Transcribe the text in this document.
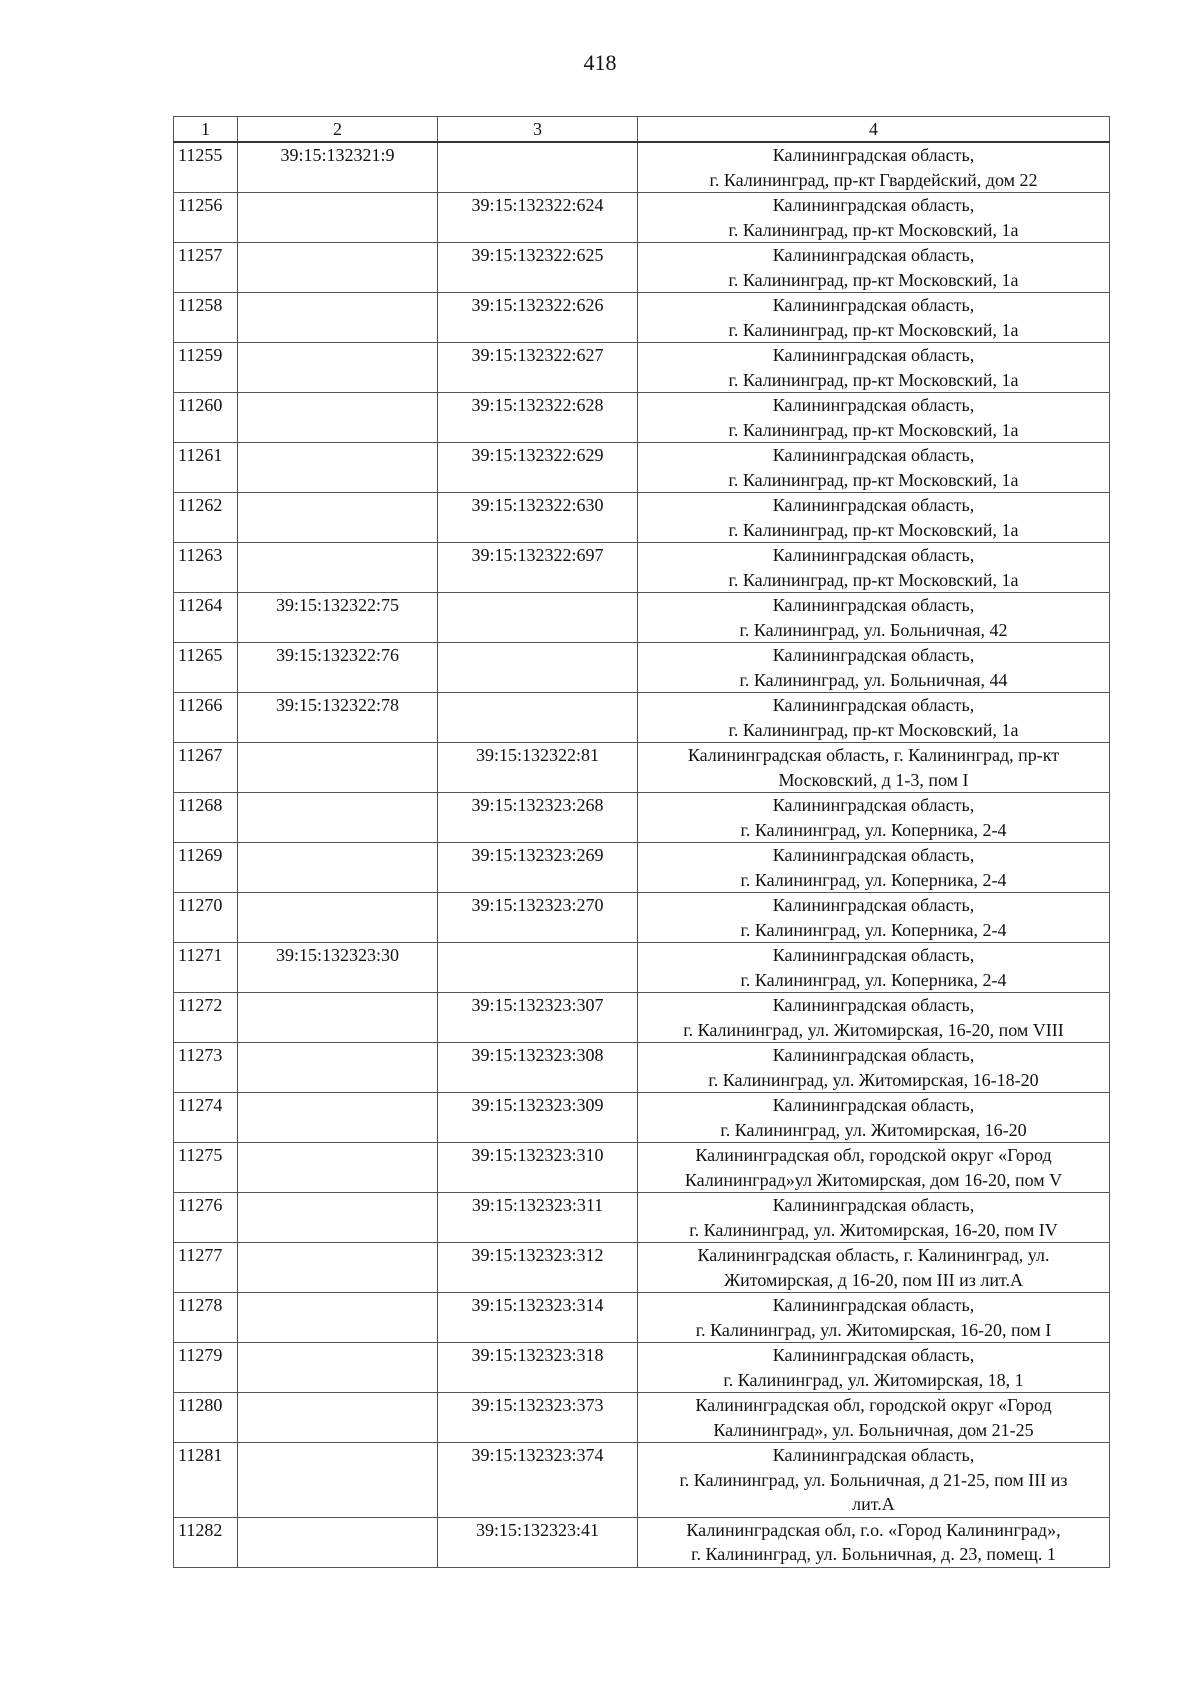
418
1	2	3	4
11255	39:15:132321:9		Калининградская область,
г. Калининград, пр-кт Гвардейский, дом 22

11256		39:15:132322:624	Калининградская область,
г. Калининград, пр-кт Московский, 1а

11257		39:15:132322:625	Калининградская область,
г. Калининград, пр-кт Московский, 1а

11258		39:15:132322:626	Калининградская область,
г. Калининград, пр-кт Московский, 1а

11259		39:15:132322:627	Калининградская область,
г. Калининград, пр-кт Московский, 1а

11260		39:15:132322:628	Калининградская область,
г. Калининград, пр-кт Московский, 1а

11261		39:15:132322:629	Калининградская область,
г. Калининград, пр-кт Московский, 1а

11262		39:15:132322:630	Калининградская область,
г. Калининград, пр-кт Московский, 1а

11263		39:15:132322:697	Калининградская область,
г. Калининград, пр-кт Московский, 1а

11264	39:15:132322:75		Калининградская область,
г. Калининград, ул. Больничная, 42

11265	39:15:132322:76		Калининградская область,
г. Калининград, ул. Больничная, 44

11266	39:15:132322:78		Калининградская область,
г. Калининград, пр-кт Московский, 1а

11267		39:15:132322:81	Калининградская область, г. Калининград, пр-кт
Московский, д 1-3, пом I

11268		39:15:132323:268	Калининградская область,
г. Калининград, ул. Коперника, 2-4

11269		39:15:132323:269	Калининградская область,
г. Калининград, ул. Коперника, 2-4

11270		39:15:132323:270	Калининградская область,
г. Калининград, ул. Коперника, 2-4

11271	39:15:132323:30		Калининградская область,
г. Калининград, ул. Коперника, 2-4

11272		39:15:132323:307	Калининградская область,
г. Калининград, ул. Житомирская, 16-20, пом VIII

11273		39:15:132323:308	Калининградская область,
г. Калининград, ул. Житомирская, 16-18-20

11274		39:15:132323:309	Калининградская область,
г. Калининград, ул. Житомирская, 16-20

11275		39:15:132323:310	Калининградская обл, городской округ «Город
Калининград»ул Житомирская, дом 16-20, пом V

11276		39:15:132323:311	Калининградская область,
г. Калининград, ул. Житомирская, 16-20, пом IV

11277		39:15:132323:312	Калининградская область, г. Калининград, ул.
Житомирская, д 16-20, пом III из лит.А

11278		39:15:132323:314	Калининградская область,
г. Калининград, ул. Житомирская, 16-20, пом I

11279		39:15:132323:318	Калининградская область,
г. Калининград, ул. Житомирская, 18, 1

11280		39:15:132323:373	Калининградская обл, городской округ «Город
Калининград», ул. Больничная, дом 21-25

11281		39:15:132323:374	Калининградская область,
г. Калининград, ул. Больничная, д 21-25, пом III из
лит.А

11282		39:15:132323:41	Калининградская обл, г.о. «Город Калининград»,
г. Калининград, ул. Больничная, д. 23, помещ. 1
